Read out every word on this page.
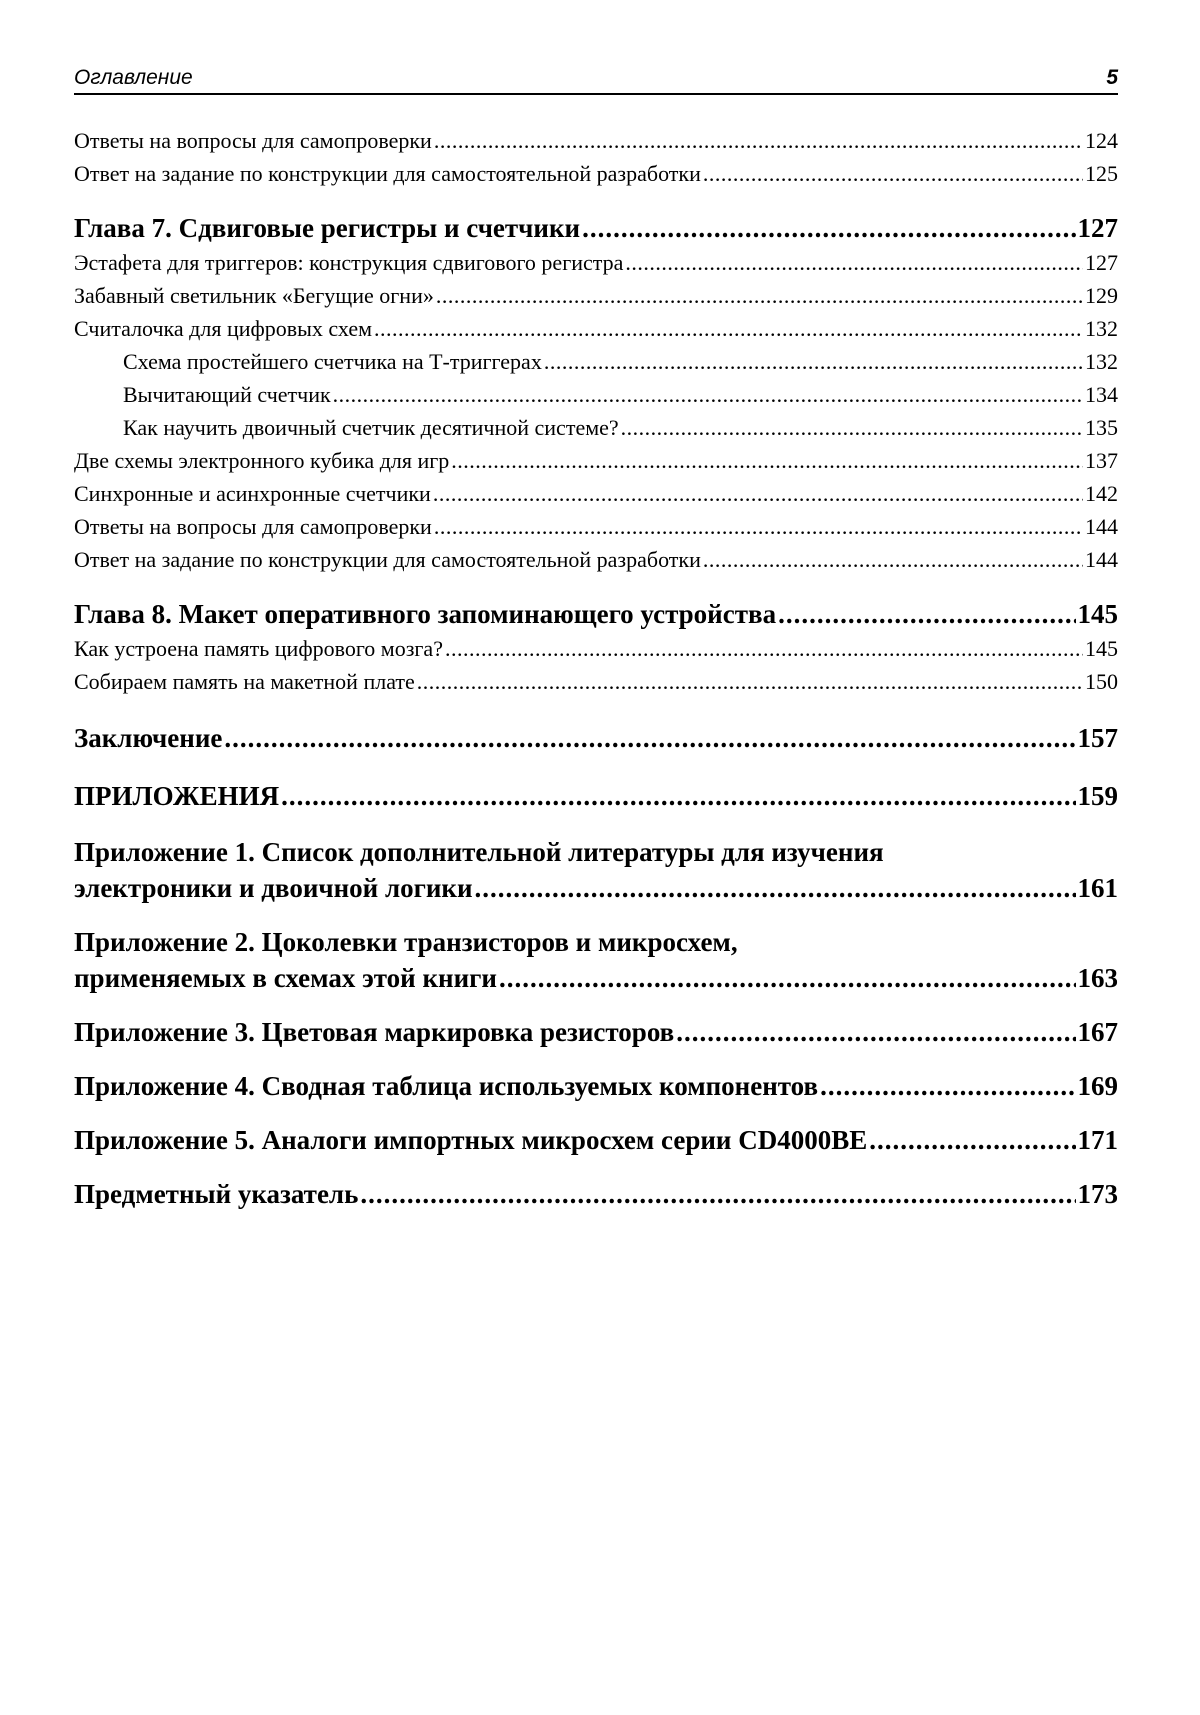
Оглавление	5
Ответы на вопросы для самопроверки .....	124
Ответ на задание по конструкции для самостоятельной разработки .....	125
Глава 7. Сдвиговые регистры и счетчики .....	127
Эстафета для триггеров: конструкция сдвигового регистра .....	127
Забавный светильник «Бегущие огни» .....	129
Считалочка для цифровых схем .....	132
Схема простейшего счетчика на Т-триггерах .....	132
Вычитающий счетчик .....	134
Как научить двоичный счетчик десятичной системе? .....	135
Две схемы электронного кубика для игр .....	137
Синхронные и асинхронные счетчики .....	142
Ответы на вопросы для самопроверки .....	144
Ответ на задание по конструкции для самостоятельной разработки .....	144
Глава 8. Макет оперативного запоминающего устройства .....	145
Как устроена память цифрового мозга? .....	145
Собираем память на макетной плате .....	150
Заключение .....	157
ПРИЛОЖЕНИЯ .....	159
Приложение 1. Список дополнительной литературы для изучения
электроники и двоичной логики .....	161
Приложение 2. Цоколевки транзисторов и микросхем,
применяемых в схемах этой книги .....	163
Приложение 3. Цветовая маркировка резисторов .....	167
Приложение 4. Сводная таблица используемых компонентов .....	169
Приложение 5. Аналоги импортных микросхем серии CD4000BE .....	171
Предметный указатель .....	173
